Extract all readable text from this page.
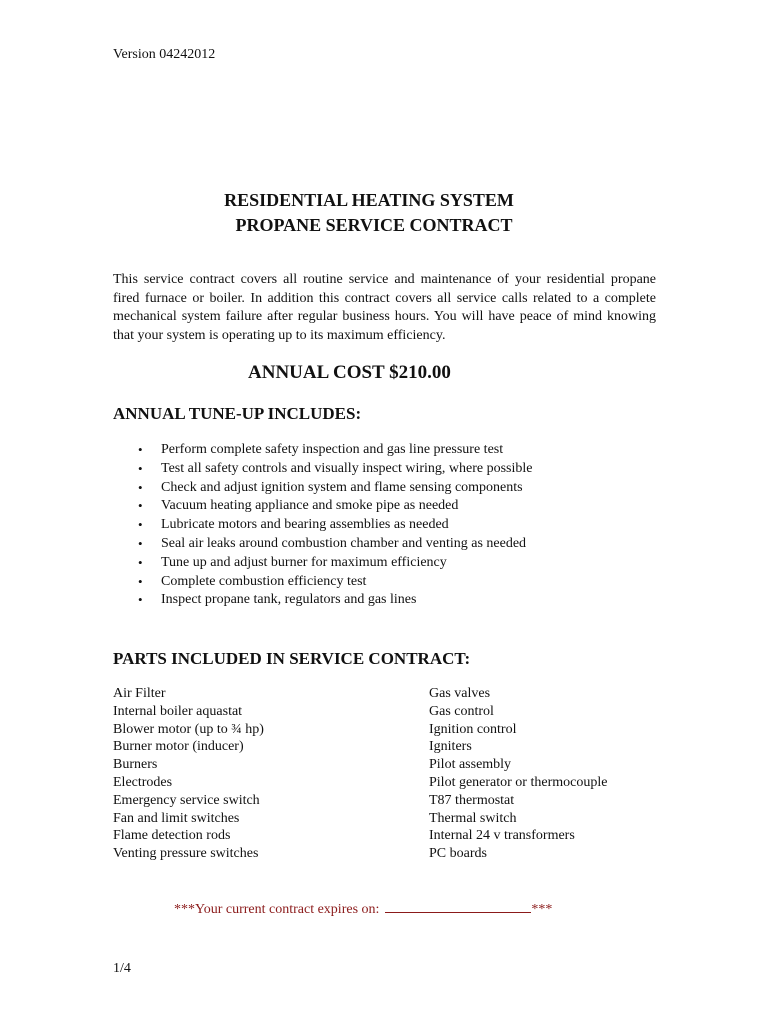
Version 04242012
RESIDENTIAL HEATING SYSTEM
PROPANE SERVICE CONTRACT
This service contract covers all routine service and maintenance of your residential propane fired furnace or boiler. In addition this contract covers all service calls related to a complete mechanical system failure after regular business hours. You will have peace of mind knowing that your system is operating up to its maximum efficiency.
ANNUAL COST $210.00
ANNUAL TUNE-UP INCLUDES:
• Perform complete safety inspection and gas line pressure test
• Test all safety controls and visually inspect wiring, where possible
• Check and adjust ignition system and flame sensing components
• Vacuum heating appliance and smoke pipe as needed
• Lubricate motors and bearing assemblies as needed
• Seal air leaks around combustion chamber and venting as needed
• Tune up and adjust burner for maximum efficiency
• Complete combustion efficiency test
• Inspect propane tank, regulators and gas lines
PARTS INCLUDED IN SERVICE CONTRACT:
Air Filter
Internal boiler aquastat
Blower motor (up to ¾ hp)
Burner motor (inducer)
Burners
Electrodes
Emergency service switch
Fan and limit switches
Flame detection rods
Venting pressure switches
Gas valves
Gas control
Ignition control
Igniters
Pilot assembly
Pilot generator or thermocouple
T87 thermostat
Thermal switch
Internal 24 v transformers
PC boards
***Your current contract expires on:	***
1/4
